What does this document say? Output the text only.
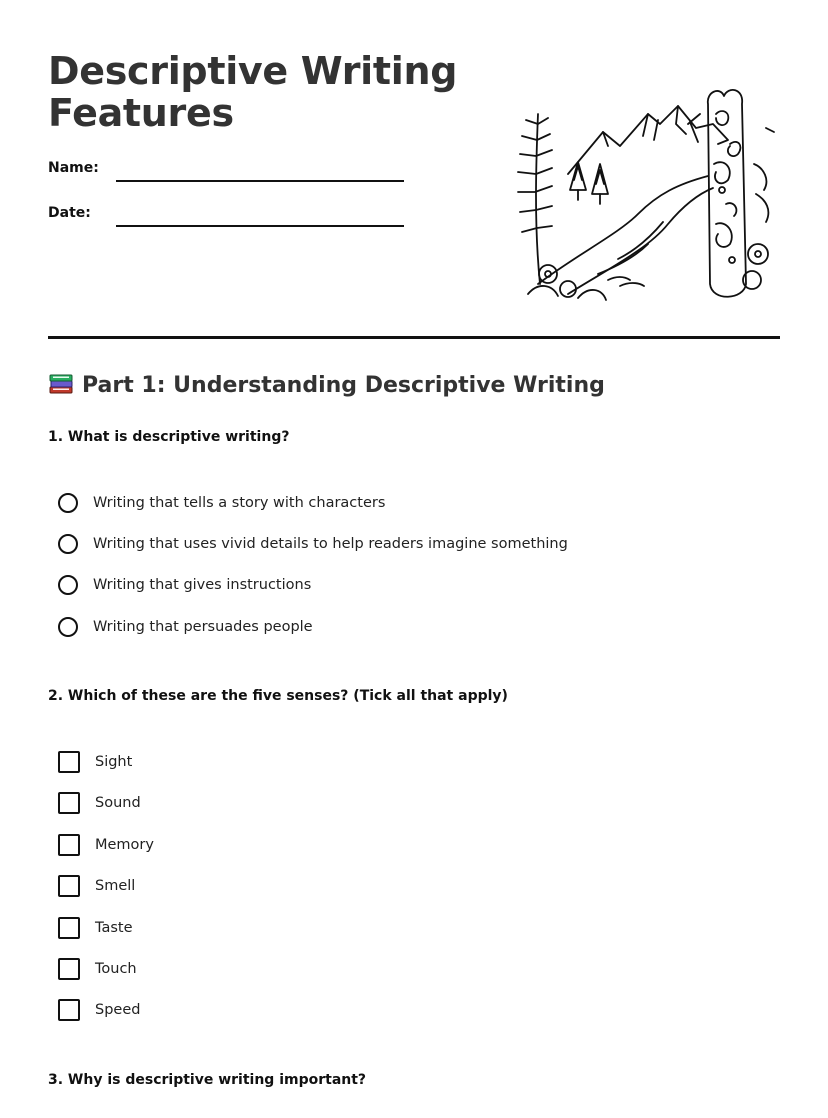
Descriptive Writing Features
Name:
Date:
Part 1: Understanding Descriptive Writing

1. What is descriptive writing?

Writing that tells a story with characters
Writing that uses vivid details to help readers imagine something
Writing that gives instructions
Writing that persuades people

2. Which of these are the five senses? (Tick all that apply)

Sight
Sound
Memory
Smell
Taste
Touch
Speed

3. Why is descriptive writing important?
